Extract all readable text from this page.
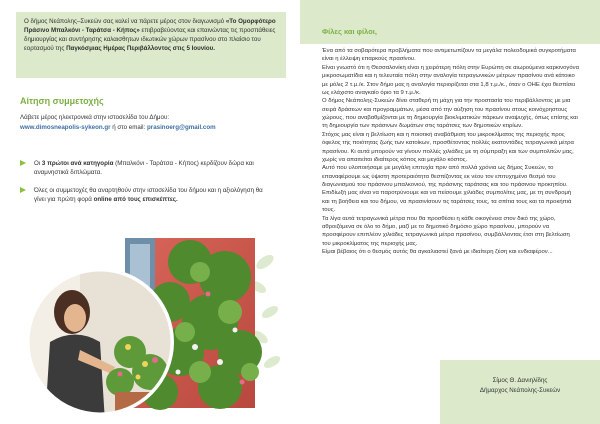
Ο δήμος Νεάπολης–Συκεών σας καλεί να πάρετε μέρος στον διαγωνισμό «Το Ομορφότερο Πράσινο Μπαλκόνι - Ταράτσα - Κήπος» επιβραβεύοντας και επαινώντας τις προσπάθειες δημιουργίας και συντήρησης καλαισθητων ιδιωτικών χώρων πρασίνου στο πλαίσιο του εορτασμού της Παγκόσμιας Ημέρας Περιβάλλοντος στις 5 Ιουνίου.
Αίτηση συμμετοχής
Λάβετε μέρος ηλεκτρονικά στην ιστοσελίδα του Δήμου:
www.dimosneapolis-sykeon.gr ή στο email: prasinoerg@gmail.com
Οι 3 πρώτοι ανά κατηγορία (Μπαλκόνι - Ταράτσα - Κήπος) κερδίζουν δώρα και αναμνηστικά διπλώματα.
Όλες οι συμμετοχές θα αναρτηθούν στην ιστοσελίδα του δήμου και η αξιολόγηση θα γίνει για πρώτη φορά online από τους επισκέπτες.
Φίλες και φίλοι,

Ένα από τα σοβαρότερα προβλήματα που αντιμετωπίζουν τα μεγάλα πολεοδομικά συγκροτήματα είναι η έλλειψη επαρκούς πρασίνου.

Είναι γνωστό ότι η Θεσσαλονίκη είναι η χειρότερη πόλη στην Ευρώπη σε αιωρούμενα καρκινογόνα μικροσωματίδια και η τελευταία πόλη στην αναλογία τετραγωνικών μέτρων πρασίνου ανά κάτοικο με μόλις 2 τ.μ./κ. Στον δήμο μας η αναλογία περιορίζεται στα 1,8 τ.μ./κ., όταν ο ΟΗΕ έχει θεσπίσει ως ελάχιστο αναγκαίο όριο τα 9 τ.μ./κ.

Ο δήμος Νεάπολης-Συκεών δίνει σταθερή τη μάχη για την προστασία του περιβάλλοντος με μια σειρά δράσεων και προγραμμάτων, μέσα από την αύξηση του πρασίνου στους κοινόχρηστους χώρους, που αναβαθμίζονται με τη δημιουργία βιοκλιματικών πάρκων αναψυχής, όπως επίσης και τη δημιουργία των πράσινων δωμάτων στις ταράτσες των δημοτικών κτιρίων.

Στόχος μας είναι η βελτίωση και η ποιοτική αναβάθμιση του μικροκλίματος της περιοχής προς όφελος της ποιότητας ζωής των κατοίκων, προσθέτοντας πολλές εκατοντάδες τετραγωνικά μέτρα πρασίνου. Κι αυτά μπορούν να γίνουν πολλές χιλιάδες με τη σύμπραξη και των συμπολιτών μας, χωρίς να απαιτείται ιδιαίτερος κόπος και μεγάλο κόστος.

Αυτό που υλοποιήσαμε με μεγάλη επιτυχία πριν από πολλά χρόνια ως δήμος Συκεών, το επαναφέρουμε ως ύψιστη προτεραιότητα θεσπίζοντας εκ νέου τον επιτυχημένο θεσμό του διαγωνισμού του πράσινου μπαλκονιού, της πράσινης ταράτσας και του πράσινου προκηπίου.

Επιδίωξή μας είναι να παροτρύνουμε και να πείσουμε χιλιάδες συμπολίτες μας, με τη συνδρομή και τη βοήθεια και του δήμου, να πρασινίσουν τις ταράτσες τους, τα σπίτια τους και τα προκήπιά τους.

Τα λίγα αυτά τετραγωνικά μέτρα που θα προσθέσει η κάθε οικογένεια στον δικό της χώρο, αθροιζόμενα σε όλο το δήμο, μαζί με το δημοτικό δημόσιο χώρο πρασίνου, μπορούν να προσφέρουν επιπλέον χιλιάδες τετραγωνικά μέτρα πρασίνου, συμβάλλοντας έτσι στη βελτίωση του μικροκλίματος της περιοχής μας.

Είμαι βέβαιος ότι ο θεσμός αυτός θα αγκαλιαστεί ξανά με ιδιαίτερη ζέση και ενδιαφέρον...

Σίμος Θ. Δανιηλίδης
Δήμαρχος Νεάπολης-Συκεών
